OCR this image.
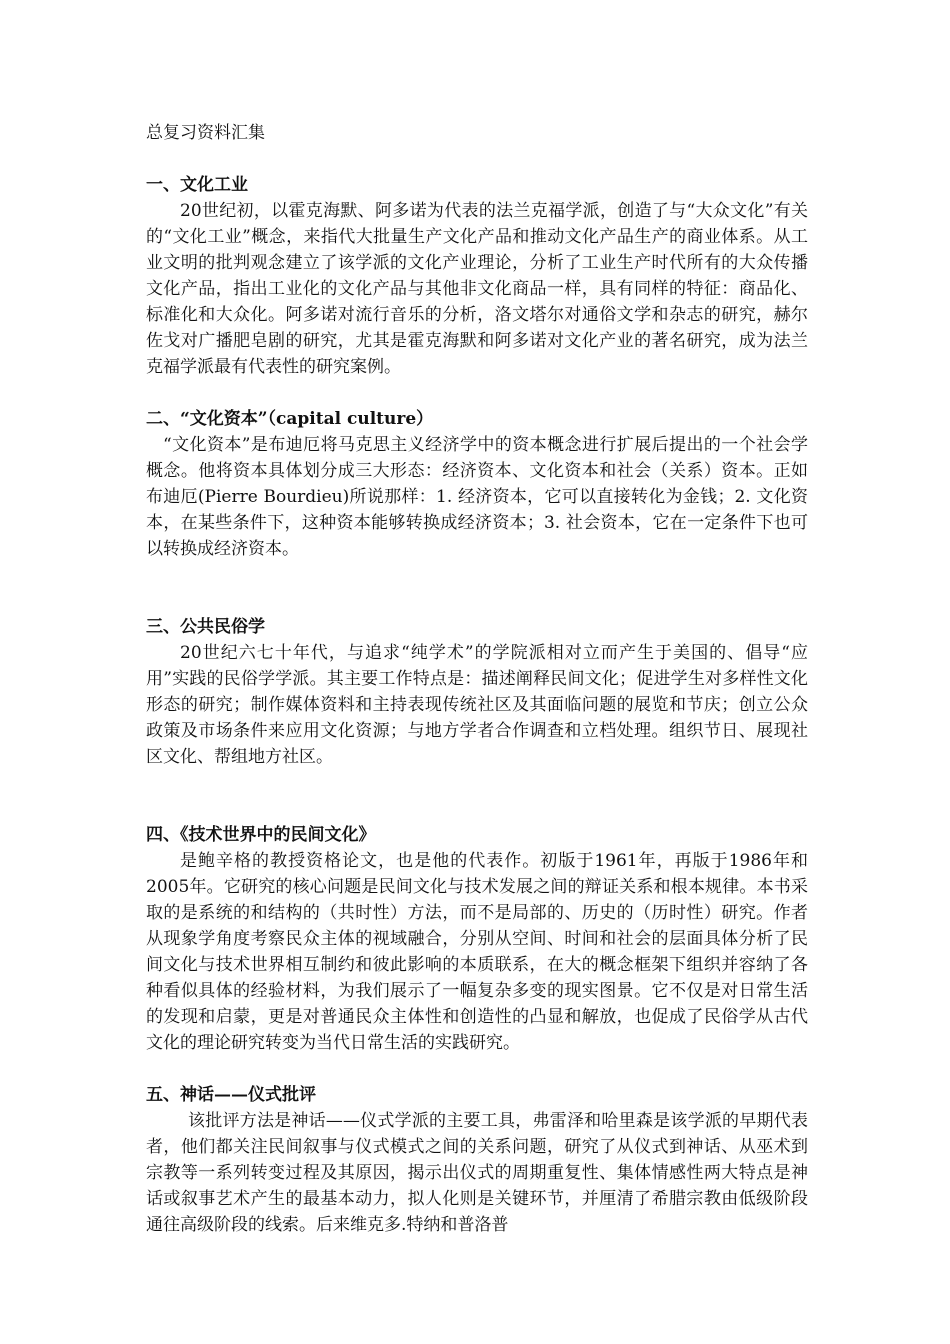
总复习资料汇集

一、文化工业

20世纪初，以霍克海默、阿多诺为代表的法兰克福学派，创造了与“大众文化”有关的“文化工业”概念，来指代大批量生产文化产品和推动文化产品生产的商业体系。从工业文明的批判观念建立了该学派的文化产业理论，分析了工业生产时代所有的大众传播文化产品，指出工业化的文化产品与其他非文化商品一样，具有同样的特征：商品化、标准化和大众化。阿多诺对流行音乐的分析，洛文塔尔对通俗文学和杂志的研究，赫尔佐戈对广播肥皂剧的研究，尤其是霍克海默和阿多诺对文化产业的著名研究，成为法兰克福学派最有代表性的研究案例。

二、“文化资本”（capital culture）

“文化资本”是布迪厄将马克思主义经济学中的资本概念进行扩展后提出的一个社会学概念。他将资本具体划分成三大形态：经济资本、文化资本和社会（关系）资本。正如布迪厄(Pierre Bourdieu)所说那样：1. 经济资本，它可以直接转化为金钱；2. 文化资本，在某些条件下，这种资本能够转换成经济资本；3. 社会资本，它在一定条件下也可以转换成经济资本。

三、公共民俗学

20世纪六七十年代，与追求“纯学术”的学院派相对立而产生于美国的、倡导“应用”实践的民俗学学派。其主要工作特点是：描述阐释民间文化；促进学生对多样性文化形态的研究；制作媒体资料和主持表现传统社区及其面临问题的展览和节庆；创立公众政策及市场条件来应用文化资源；与地方学者合作调查和立档处理。组织节日、展现社区文化、帮组地方社区。

四、《技术世界中的民间文化》

是鲍辛格的教授资格论文，也是他的代表作。初版于1961年，再版于1986年和2005年。它研究的核心问题是民间文化与技术发展之间的辩证关系和根本规律。本书采取的是系统的和结构的（共时性）方法，而不是局部的、历史的（历时性）研究。作者从现象学角度考察民众主体的视域融合，分别从空间、时间和社会的层面具体分析了民间文化与技术世界相互制约和彼此影响的本质联系，在大的概念框架下组织并容纳了各种看似具体的经验材料，为我们展示了一幅复杂多变的现实图景。它不仅是对日常生活的发现和启蒙，更是对普通民众主体性和创造性的凸显和解放，也促成了民俗学从古代文化的理论研究转变为当代日常生活的实践研究。

五、神话——仪式批评

该批评方法是神话——仪式学派的主要工具，弗雷泽和哈里森是该学派的早期代表者，他们都关注民间叙事与仪式模式之间的关系问题，研究了从仪式到神话、从巫术到宗教等一系列转变过程及其原因，揭示出仪式的周期重复性、集体情感性两大特点是神话或叙事艺术产生的最基本动力，拟人化则是关键环节，并厘清了希腊宗教由低级阶段通往高级阶段的线索。后来维克多.特纳和普洛普
